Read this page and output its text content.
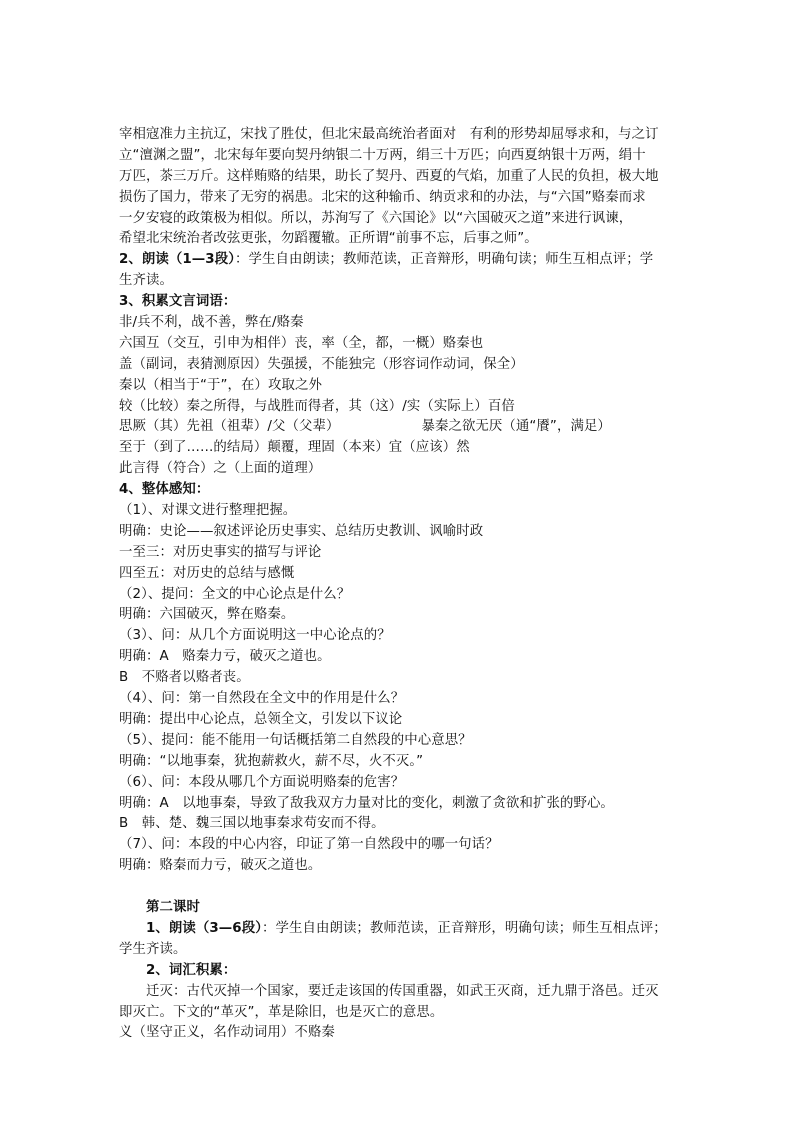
宰相寇准力主抗辽，宋找了胜仗，但北宋最高统治者面对　有利的形势却屈辱求和，与之订
立“澶渊之盟”，北宋每年要向契丹纳银二十万两，绢三十万匹；向西夏纳银十万两，绢十
万匹，茶三万斤。这样贿赂的结果，助长了契丹、西夏的气焰，加重了人民的负担，极大地
损伤了国力，带来了无穷的祸患。北宋的这种输币、纳贡求和的办法，与“六国”赂秦而求
一夕安寝的政策极为相似。所以，苏洵写了《六国论》以“六国破灭之道”来进行讽谏，
希望北宋统治者改弦更张，勿蹈覆辙。正所谓“前事不忘，后事之师”。
2、朗读（1—3段）：学生自由朗读；教师范读，正音辩形，明确句读；师生互相点评；学
生齐读。
3、积累文言词语：
非/兵不利，战不善，弊在/赂秦
六国互（交互，引申为相伴）丧，率（全，都，一概）赂秦也
盖（副词，表猜测原因）失强援，不能独完（形容词作动词，保全）
秦以（相当于“于”，在）攻取之外
较（比较）秦之所得，与战胜而得者，其（这）/实（实际上）百倍
思厥（其）先祖（祖辈）/父（父辈）	暴秦之欲无厌（通“餍”，满足）
至于（到了……的结局）颠覆，理固（本来）宜（应该）然
此言得（符合）之（上面的道理）
4、整体感知：
（1）、对课文进行整理把握。
明确：史论——叙述评论历史事实、总结历史教训、讽喻时政
一至三：对历史事实的描写与评论
四至五：对历史的总结与感慨
（2）、提问：全文的中心论点是什么？
明确：六国破灭，弊在赂秦。
（3）、问：从几个方面说明这一中心论点的？
明确：A　赂秦力亏，破灭之道也。
B　不赂者以赂者丧。
（4）、问：第一自然段在全文中的作用是什么？
明确：提出中心论点，总领全文，引发以下议论
（5）、提问：能不能用一句话概括第二自然段的中心意思？
明确：“以地事秦，犹抱薪救火，薪不尽，火不灭。”
（6）、问：本段从哪几个方面说明赂秦的危害？
明确：A　以地事秦，导致了敌我双方力量对比的变化，刺激了贪欲和扩张的野心。
B　韩、楚、魏三国以地事秦求苟安而不得。
（7）、问：本段的中心内容，印证了第一自然段中的哪一句话？
明确：赂秦而力亏，破灭之道也。
第二课时
1、朗读（3—6段）：学生自由朗读；教师范读，正音辩形，明确句读；师生互相点评；
学生齐读。
2、词汇积累：
迁灭：古代灭掉一个国家，要迁走该国的传国重器，如武王灭商，迁九鼎于洛邑。迁灭
即灭亡。下文的“革灭”，革是除旧，也是灭亡的意思。
义（坚守正义，名作动词用）不赂秦
